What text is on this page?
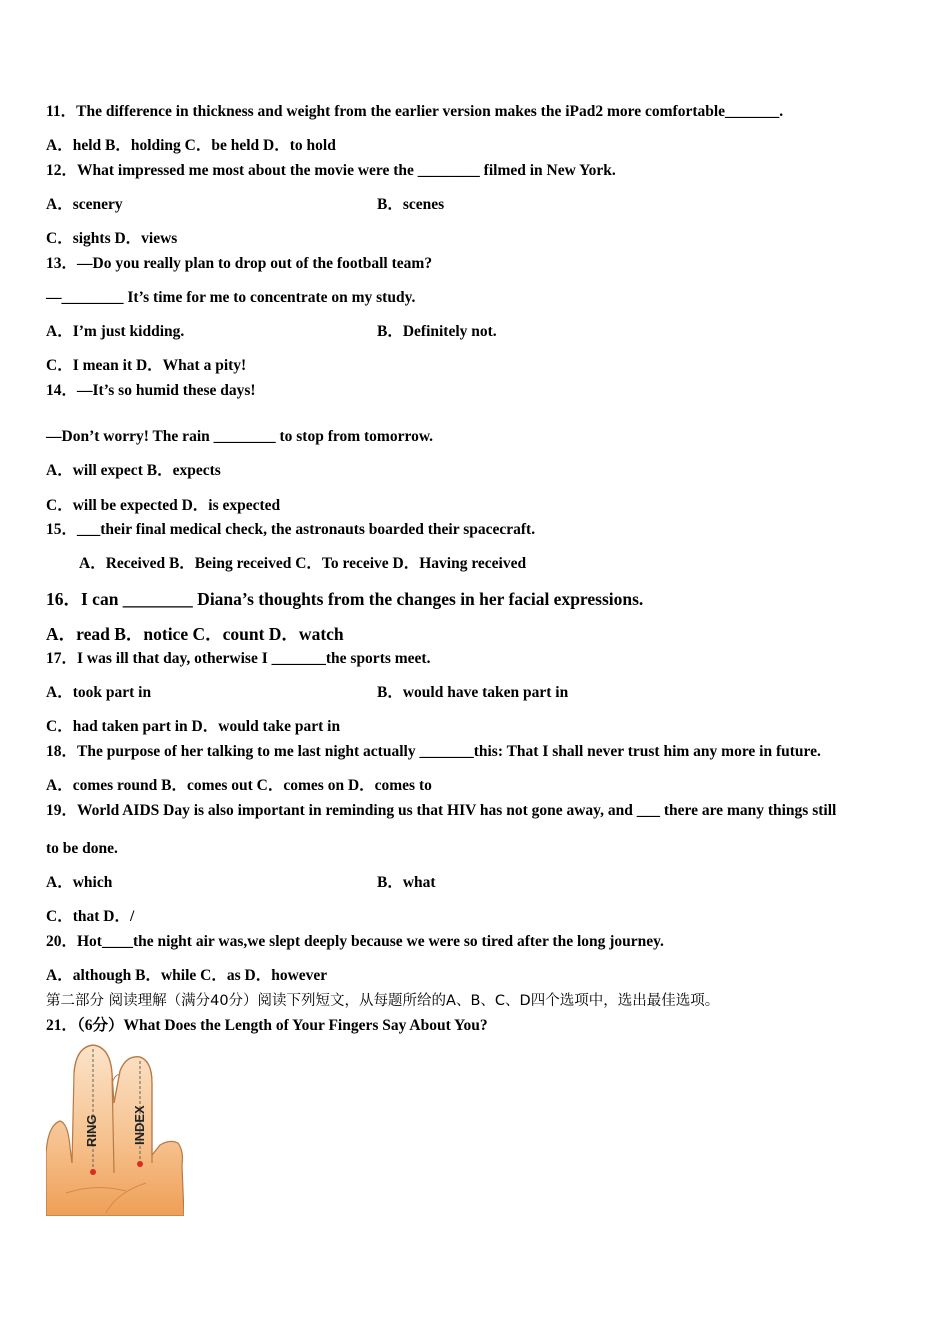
11．The difference in thickness and weight from the earlier version makes the iPad2 more comfortable_______.
A．held B．holding C．be held D．to hold
12．What impressed me most about the movie were the ________ filmed in New York.
A．scenery	B．scenes
C．sights D．views
13．—Do you really plan to drop out of the football team?
—________ It’s time for me to concentrate on my study.
A．I’m just kidding.	B．Definitely not.
C．I mean it D．What a pity!
14．—It’s so humid these days!
—Don’t worry! The rain ________ to stop from tomorrow.
A．will expect B．expects
C．will be expected D．is expected
15．___their final medical check, the astronauts boarded their spacecraft.
A．Received B．Being received C．To receive D．Having received
16．I can ________ Diana’s thoughts from the changes in her facial expressions.
A．read B．notice C．count D．watch
17．I was ill that day, otherwise I _______the sports meet.
A．took part in	B．would have taken part in
C．had taken part in D．would take part in
18．The purpose of her talking to me last night actually _______this: That I shall never trust him any more in future.
A．comes round B．comes out C．comes on D．comes to
19．World AIDS Day is also important in reminding us that HIV has not gone away, and ___ there are many things still
to be done.
A．which	B．what
C．that D．/
20．Hot____the night air was,we slept deeply because we were so tired after the long journey.
A．although B．while C．as D．however
第二部分 阅读理解（满分40分）阅读下列短文，从每题所给的A、B、C、D四个选项中，选出最佳选项。
21．（6分）What Does the Length of Your Fingers Say About You?
RING	INDEX
